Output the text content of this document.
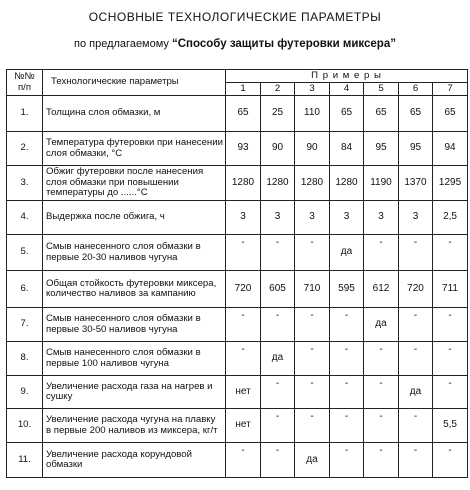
ОСНОВНЫЕ ТЕХНОЛОГИЧЕСКИЕ ПАРАМЕТРЫ
по предлагаемому “Способу защиты футеровки миксера”
№№ п/п	Технологические параметры	П р и м е р ы						
		1	2	3	4	5	6	7
1.	Толщина слоя обмазки, м	65	25	110	65	65	65	65
2.	Температура футеровки при нанесении слоя обмазки, °C	93	90	90	84	95	95	94
3.	Обжиг футеровки после нанесения слоя обмазки при повышении температуры до ......°C	1280	1280	1280	1280	1190	1370	1295
4.	Выдержка после обжига, ч	3	3	3	3	3	3	2,5
5.	Смыв нанесенного слоя обмазки в первые 20-30 наливов чугуна	-	-	-	да	-	-	-
6.	Общая стойкость футеровки миксера, количество наливов за кампанию	720	605	710	595	612	720	711
7.	Смыв нанесенного слоя обмазки в первые 30-50 наливов чугуна	-	-	-	-	да	-	-
8.	Смыв нанесенного слоя обмазки в первые 100 наливов чугуна	-	да	-	-	-	-	-
9.	Увеличение расхода газа на нагрев и сушку	нет	-	-	-	-	да	-
10.	Увеличение расхода чугуна на плавку в первые 200 наливов из миксера, кг/т	нет	-	-	-	-	-	5,5
11.	Увеличение расхода корундовой обмазки	-	-	да	-	-	-	-
